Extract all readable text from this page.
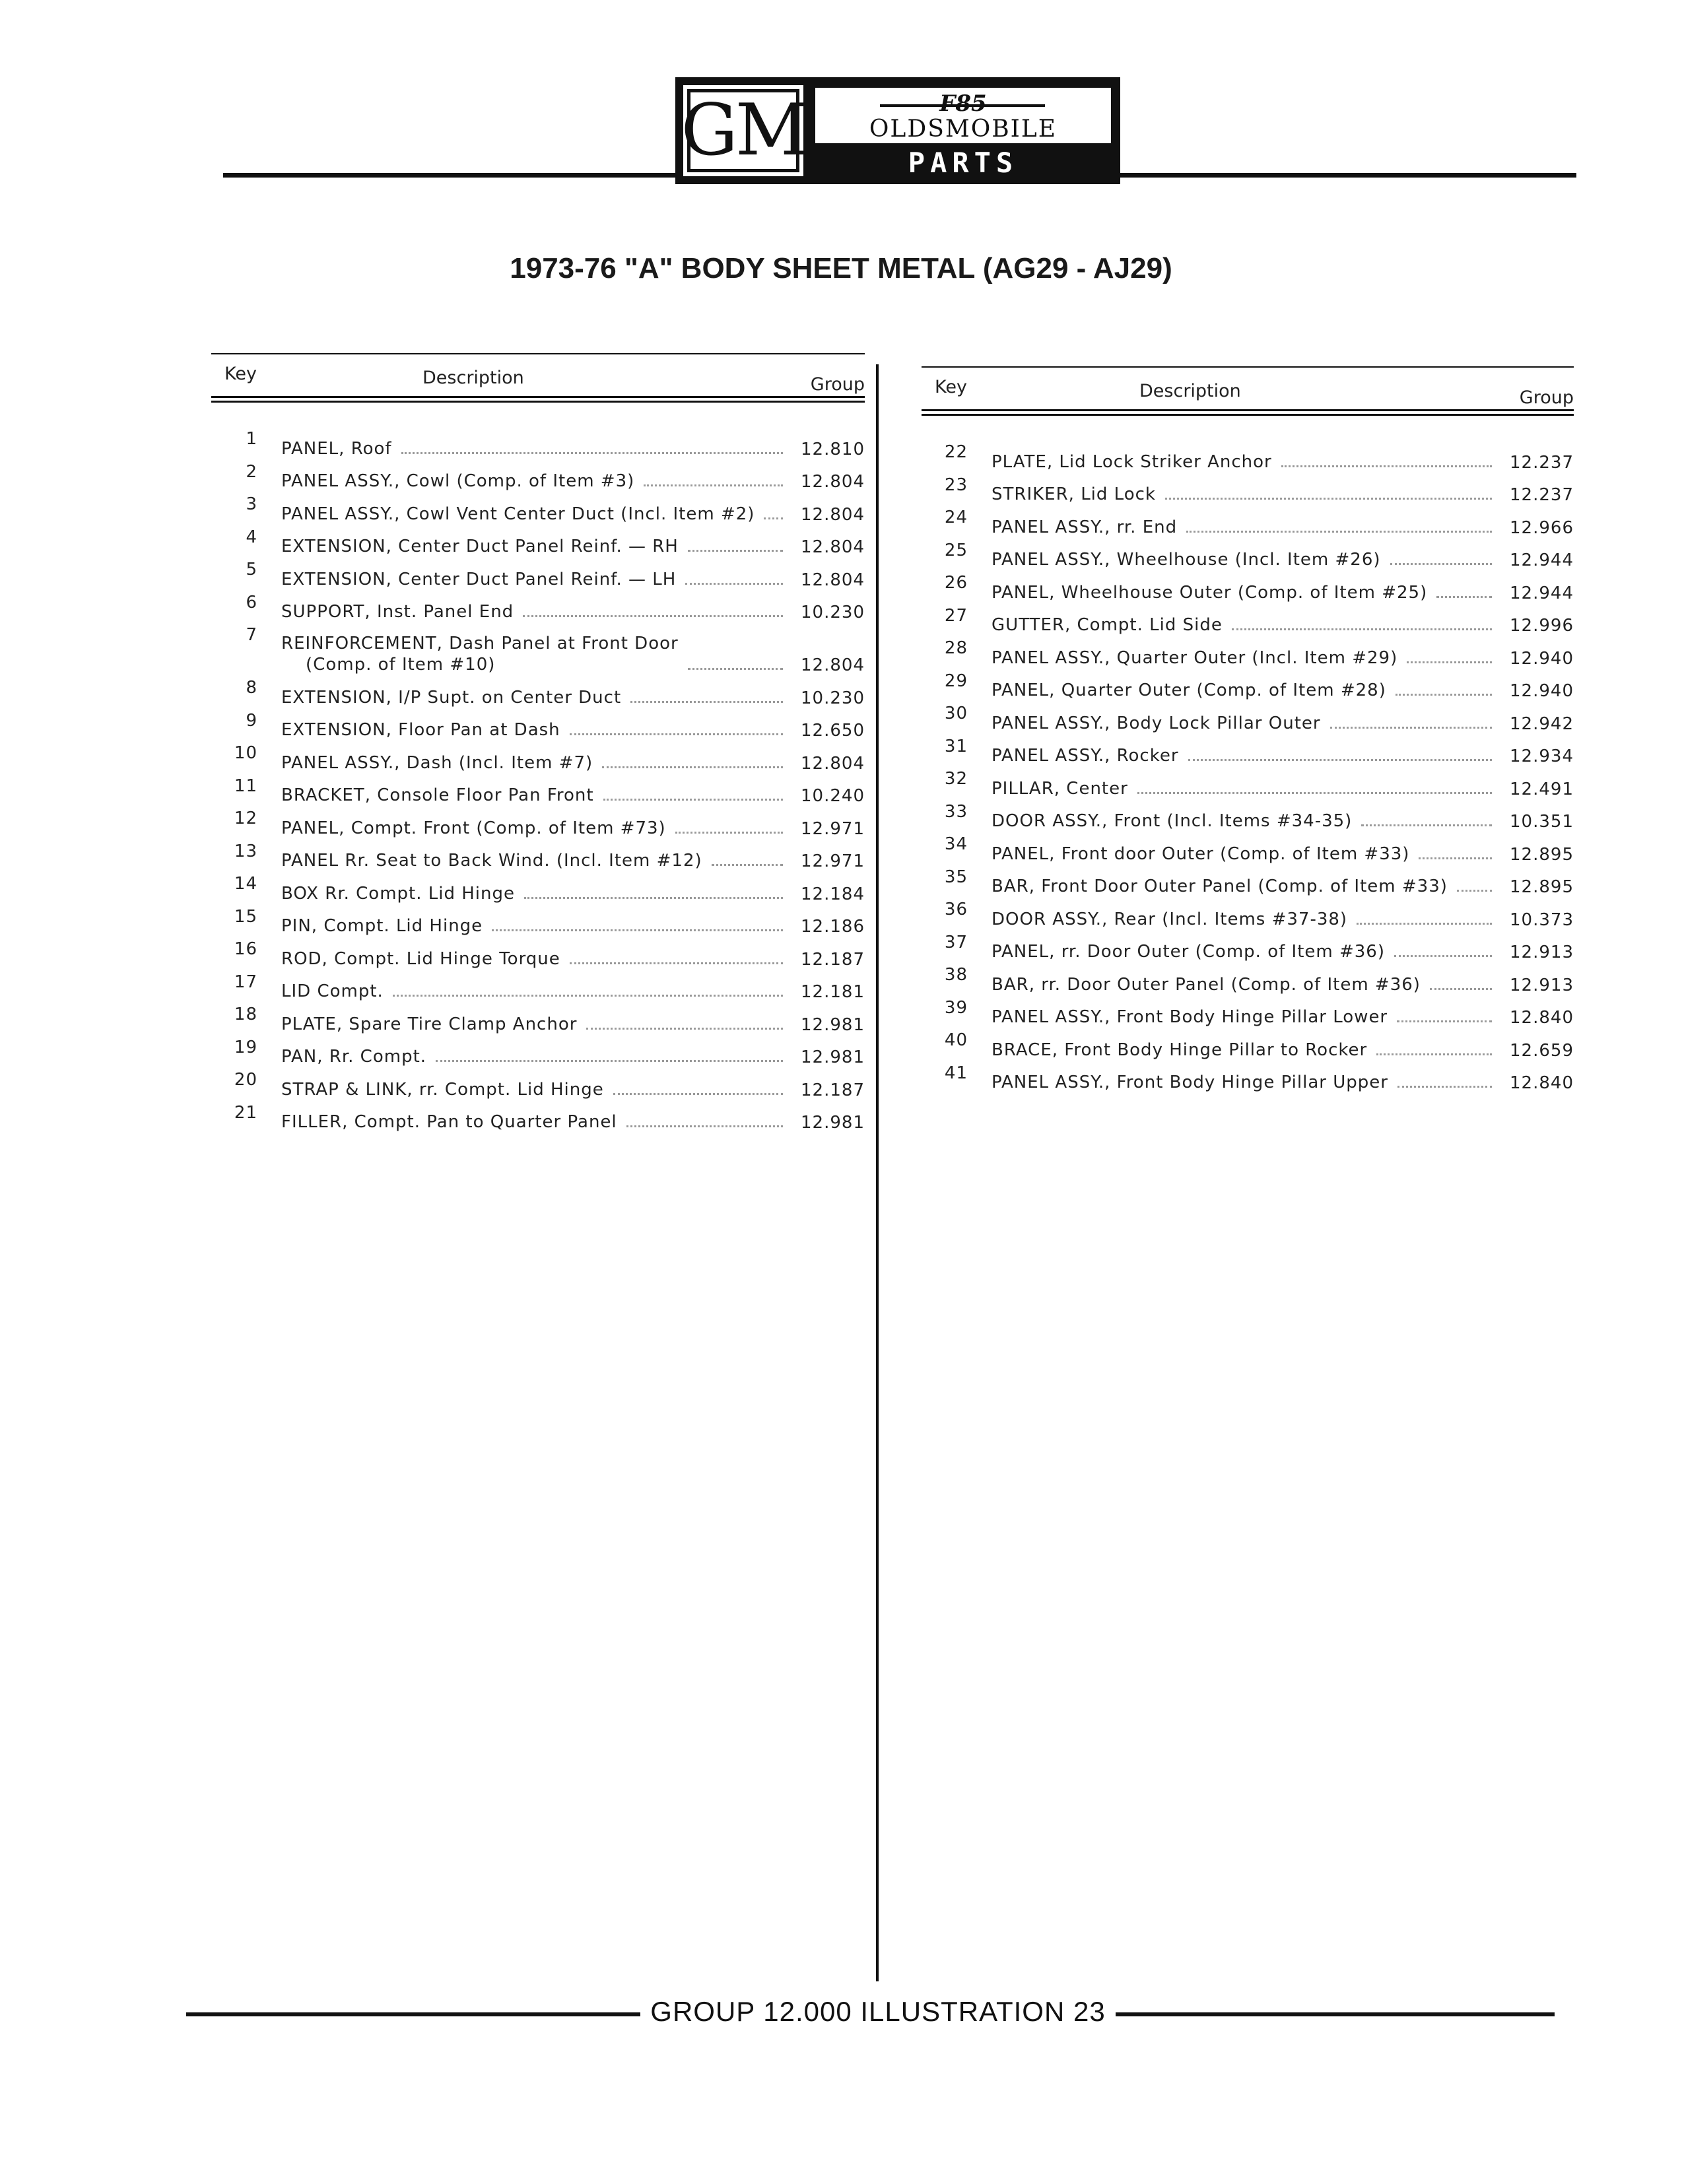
GM	F85
OLDSMOBILE
PARTS CATALOGUE
1973-76 "A" BODY SHEET METAL (AG29 - AJ29)
Key	Description	Group
1	PANEL, Roof	12.810
2	PANEL ASSY., Cowl (Comp. of Item #3)	12.804
3	PANEL ASSY., Cowl Vent Center Duct (Incl. Item #2)	12.804
4	EXTENSION, Center Duct Panel Reinf. — RH	12.804
5	EXTENSION, Center Duct Panel Reinf. — LH	12.804
6	SUPPORT, Inst. Panel End	10.230
7	REINFORCEMENT, Dash Panel at Front Door
(Comp. of Item #10)	12.804
8	EXTENSION, I/P Supt. on Center Duct	10.230
9	EXTENSION, Floor Pan at Dash	12.650
10	PANEL ASSY., Dash (Incl. Item #7)	12.804
11	BRACKET, Console Floor Pan Front	10.240
12	PANEL, Compt. Front (Comp. of Item #73)	12.971
13	PANEL Rr. Seat to Back Wind. (Incl. Item #12)	12.971
14	BOX Rr. Compt. Lid Hinge	12.184
15	PIN, Compt. Lid Hinge	12.186
16	ROD, Compt. Lid Hinge Torque	12.187
17	LID Compt.	12.181
18	PLATE, Spare Tire Clamp Anchor	12.981
19	PAN, Rr. Compt.	12.981
20	STRAP & LINK, rr. Compt. Lid Hinge	12.187
21	FILLER, Compt. Pan to Quarter Panel	12.981
Key	Description	Group
22	PLATE, Lid Lock Striker Anchor	12.237
23	STRIKER, Lid Lock	12.237
24	PANEL ASSY., rr. End	12.966
25	PANEL ASSY., Wheelhouse (Incl. Item #26)	12.944
26	PANEL, Wheelhouse Outer (Comp. of Item #25)	12.944
27	GUTTER, Compt. Lid Side	12.996
28	PANEL ASSY., Quarter Outer (Incl. Item #29)	12.940
29	PANEL, Quarter Outer (Comp. of Item #28)	12.940
30	PANEL ASSY., Body Lock Pillar Outer	12.942
31	PANEL ASSY., Rocker	12.934
32	PILLAR, Center	12.491
33	DOOR ASSY., Front (Incl. Items #34-35)	10.351
34	PANEL, Front door Outer (Comp. of Item #33)	12.895
35	BAR, Front Door Outer Panel (Comp. of Item #33)	12.895
36	DOOR ASSY., Rear (Incl. Items #37-38)	10.373
37	PANEL, rr. Door Outer (Comp. of Item #36)	12.913
38	BAR, rr. Door Outer Panel (Comp. of Item #36)	12.913
39	PANEL ASSY., Front Body Hinge Pillar Lower	12.840
40	BRACE, Front Body Hinge Pillar to Rocker	12.659
41	PANEL ASSY., Front Body Hinge Pillar Upper	12.840
GROUP 12.000 ILLUSTRATION 23
